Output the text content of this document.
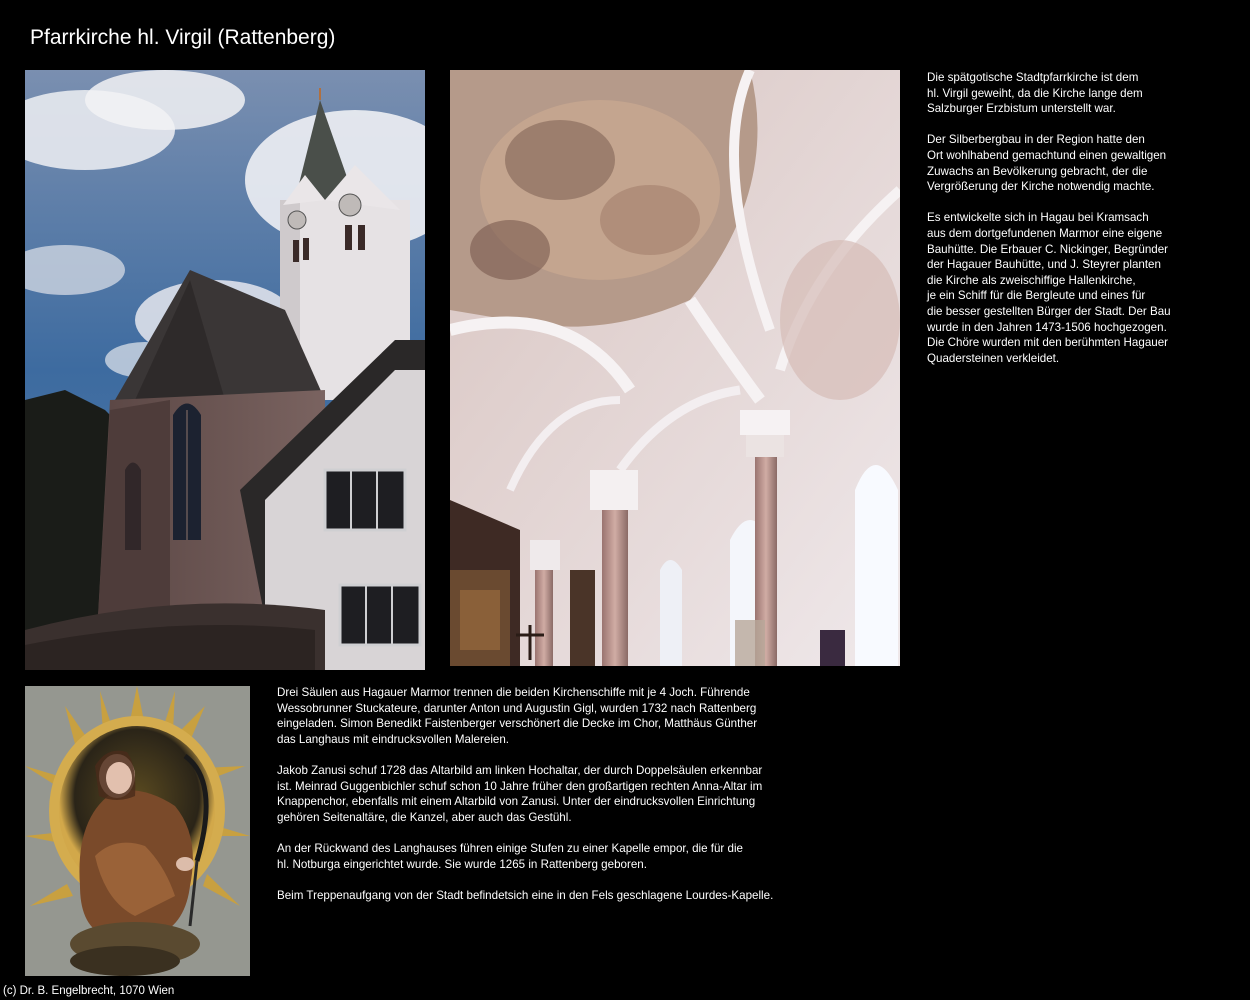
Pfarrkirche hl. Virgil (Rattenberg)

Die spätgotische Stadtpfarrkirche ist dem
hl. Virgil geweiht, da die Kirche lange dem
Salzburger Erzbistum unterstellt war.

Der Silberbergbau in der Region hatte den
Ort wohlhabend gemachtund einen gewaltigen
Zuwachs an Bevölkerung gebracht, der die
Vergrößerung der Kirche notwendig machte.

Es entwickelte sich in Hagau bei Kramsach
aus dem dortgefundenen Marmor eine eigene
Bauhütte. Die Erbauer C. Nickinger, Begründer
der Hagauer Bauhütte, und J. Steyrer planten
die Kirche als zweischiffige Hallenkirche,
je ein Schiff für die Bergleute und eines für
die besser gestellten Bürger der Stadt. Der Bau
wurde in den Jahren 1473-1506 hochgezogen.
Die Chöre wurden mit den berühmten Hagauer
Quadersteinen verkleidet.

Drei Säulen aus Hagauer Marmor trennen die beiden Kirchenschiffe mit je 4 Joch. Führende
Wessobrunner Stuckateure, darunter Anton und Augustin Gigl, wurden 1732 nach Rattenberg
eingeladen. Simon Benedikt Faistenberger verschönert die Decke im Chor, Matthäus Günther
das Langhaus mit eindrucksvollen Malereien.

Jakob Zanusi schuf 1728 das Altarbild am linken Hochaltar, der durch Doppelsäulen erkennbar
ist. Meinrad Guggenbichler schuf schon 10 Jahre früher den großartigen rechten Anna-Altar im
Knappenchor, ebenfalls mit einem Altarbild von Zanusi. Unter der eindrucksvollen Einrichtung
gehören Seitenaltäre, die Kanzel, aber auch das Gestühl.

An der Rückwand des Langhauses führen einige Stufen zu einer Kapelle empor, die für die
hl. Notburga eingerichtet wurde. Sie wurde 1265 in Rattenberg geboren.

Beim Treppenaufgang von der Stadt befindetsich eine in den Fels geschlagene Lourdes-Kapelle.

(c) Dr. B. Engelbrecht, 1070 Wien
